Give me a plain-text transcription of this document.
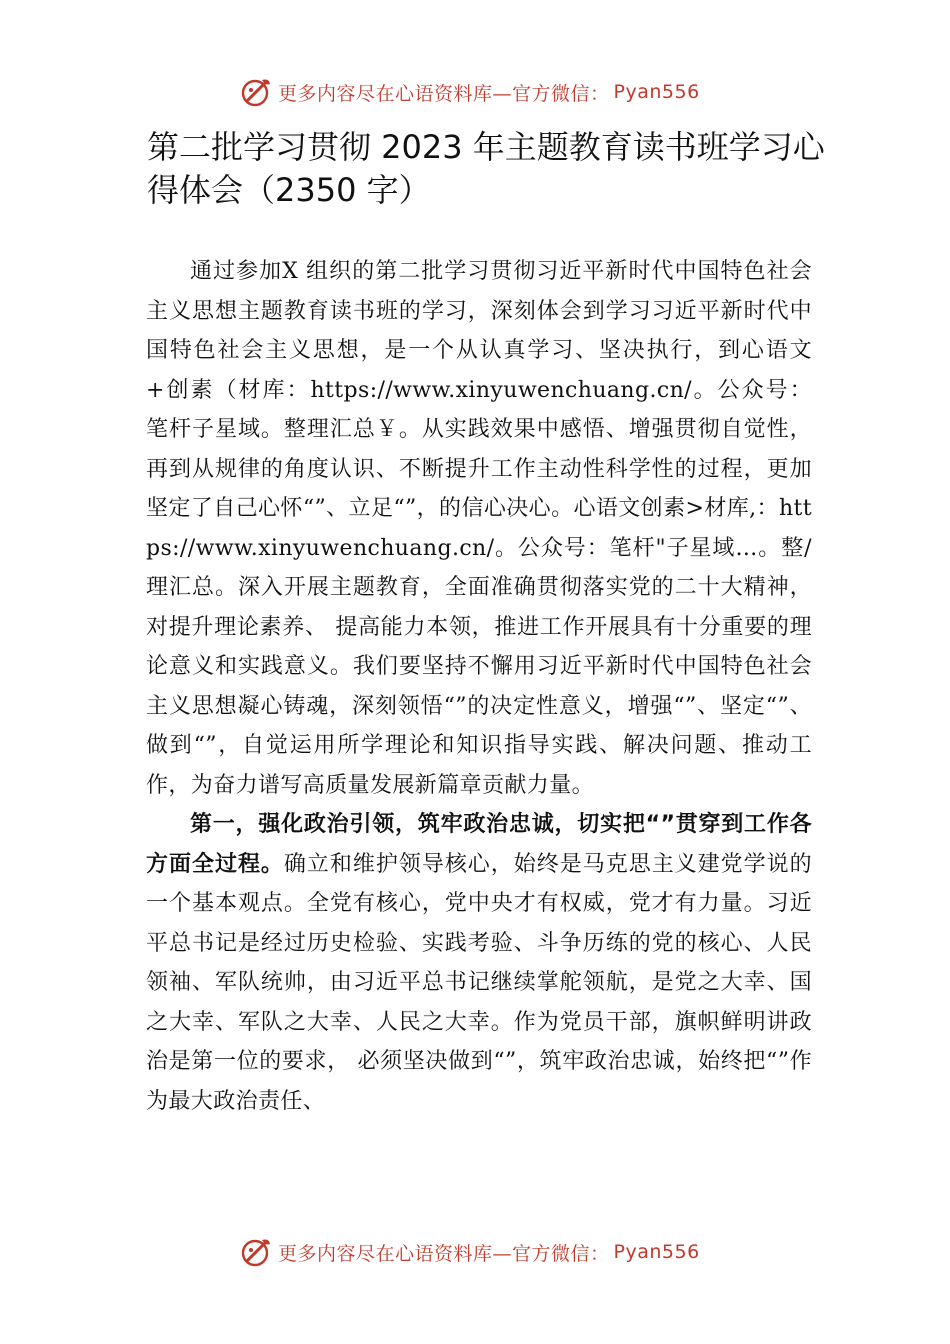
更多内容尽在心语资料库—官方微信： Pyan556
第二批学习贯彻 2023 年主题教育读书班学习心得体会（2350 字）

通过参加X 组织的第二批学习贯彻习近平新时代中国特色社会主义思想主题教育读书班的学习，深刻体会到学习习近平新时代中国特色社会主义思想，是一个从认真学习、坚决执行，到心语文+创素（材库：https://www.xinyuwenchuang.cn/。公众号：笔杆子星域。整理汇总￥。从实践效果中感悟、增强贯彻自觉性，再到从规律的角度认识、不断提升工作主动性科学性的过程，更加坚定了自己心怀“”、立足“”，的信心决心。心语文创素>材库,：https://www.xinyuwenchuang.cn/。公众号：笔杆"子星域…。整/理汇总。深入开展主题教育，全面准确贯彻落实党的二十大精神，对提升理论素养、 提高能力本领，推进工作开展具有十分重要的理论意义和实践意义。我们要坚持不懈用习近平新时代中国特色社会主义思想凝心铸魂，深刻领悟“”的决定性意义，增强“”、坚定“”、做到“”，自觉运用所学理论和知识指导实践、解决问题、推动工作，为奋力谱写高质量发展新篇章贡献力量。

第一，强化政治引领，筑牢政治忠诚，切实把“”贯穿到工作各方面全过程。确立和维护领导核心，始终是马克思主义建党学说的一个基本观点。全党有核心，党中央才有权威，党才有力量。习近平总书记是经过历史检验、实践考验、斗争历练的党的核心、人民领袖、军队统帅，由习近平总书记继续掌舵领航，是党之大幸、国之大幸、军队之大幸、人民之大幸。作为党员干部，旗帜鲜明讲政治是第一位的要求， 必须坚决做到“”，筑牢政治忠诚，始终把“”作为最大政治责任、

更多内容尽在心语资料库—官方微信： Pyan556
